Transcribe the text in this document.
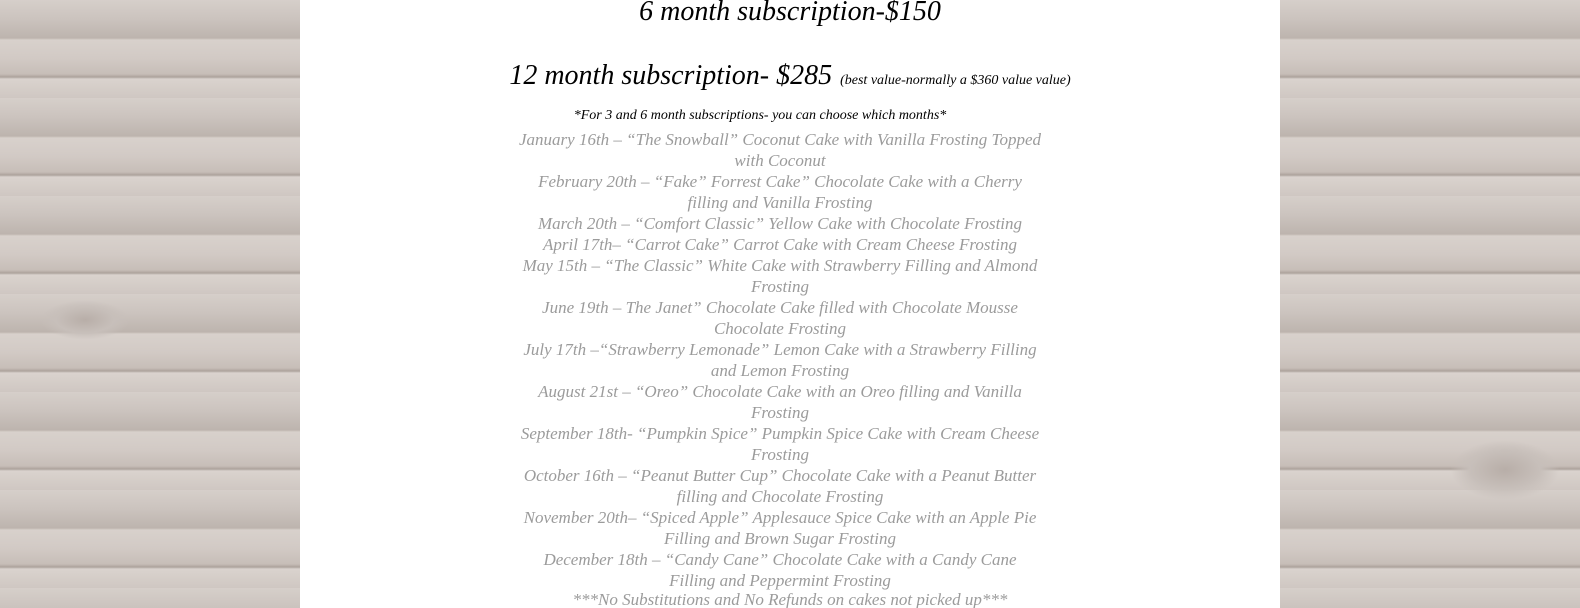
6 month subscription-$150
12 month subscription- $285 (best value-normally a $360 value value)
*For 3 and 6 month subscriptions- you can choose which months*
January 16th – “The Snowball” Coconut Cake with Vanilla Frosting Topped
with Coconut
February 20th – “Fake” Forrest Cake” Chocolate Cake with a Cherry
filling and Vanilla Frosting
March 20th – “Comfort Classic” Yellow Cake with Chocolate Frosting
April 17th– “Carrot Cake” Carrot Cake with Cream Cheese Frosting
May 15th – “The Classic” White Cake with Strawberry Filling and Almond
Frosting
June 19th – The Janet” Chocolate Cake filled with Chocolate Mousse
Chocolate Frosting
July 17th –“Strawberry Lemonade” Lemon Cake with a Strawberry Filling
and Lemon Frosting
August 21st – “Oreo” Chocolate Cake with an Oreo filling and Vanilla
Frosting
September 18th- “Pumpkin Spice” Pumpkin Spice Cake with Cream Cheese
Frosting
October 16th – “Peanut Butter Cup” Chocolate Cake with a Peanut Butter
filling and Chocolate Frosting
November 20th– “Spiced Apple” Applesauce Spice Cake with an Apple Pie
Filling and Brown Sugar Frosting
December 18th – “Candy Cane” Chocolate Cake with a Candy Cane
Filling and Peppermint Frosting
***No Substitutions and No Refunds on cakes not picked up***
